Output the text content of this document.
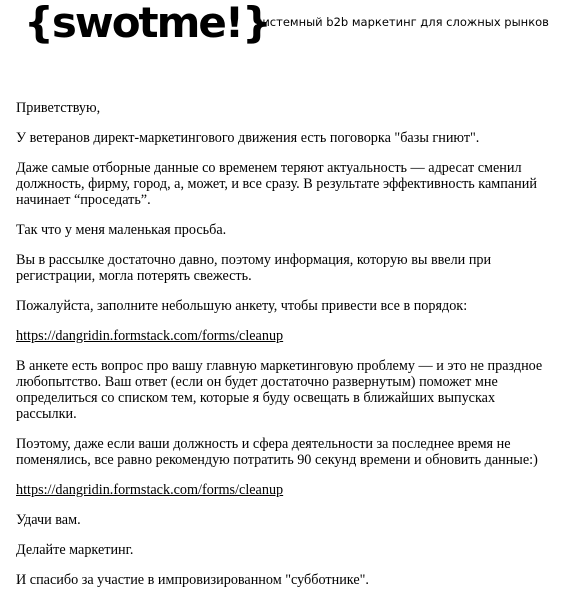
{swotme!}
системный b2b маркетинг для сложных рынков

Приветствую,

У ветеранов директ-маркетингового движения есть поговорка "базы гниют".

Даже самые отборные данные со временем теряют актуальность — адресат сменил должность, фирму, город, а, может, и все сразу. В результате эффективность кампаний начинает “проседать”.

Так что у меня маленькая просьба.

Вы в рассылке достаточно давно, поэтому информация, которую вы ввели при регистрации, могла потерять свежесть.

Пожалуйста, заполните небольшую анкету, чтобы привести все в порядок:

https://dangridin.formstack.com/forms/cleanup

В анкете есть вопрос про вашу главную маркетинговую проблему — и это не праздное любопытство. Ваш ответ (если он будет достаточно развернутым) поможет мне определиться со списком тем, которые я буду освещать в ближайших выпусках рассылки.

Поэтому, даже если ваши должность и сфера деятельности за последнее время не поменялись, все равно рекомендую потратить 90 секунд времени и обновить данные:)

https://dangridin.formstack.com/forms/cleanup

Удачи вам.

Делайте маркетинг.

И спасибо за участие в импровизированном "субботнике".
